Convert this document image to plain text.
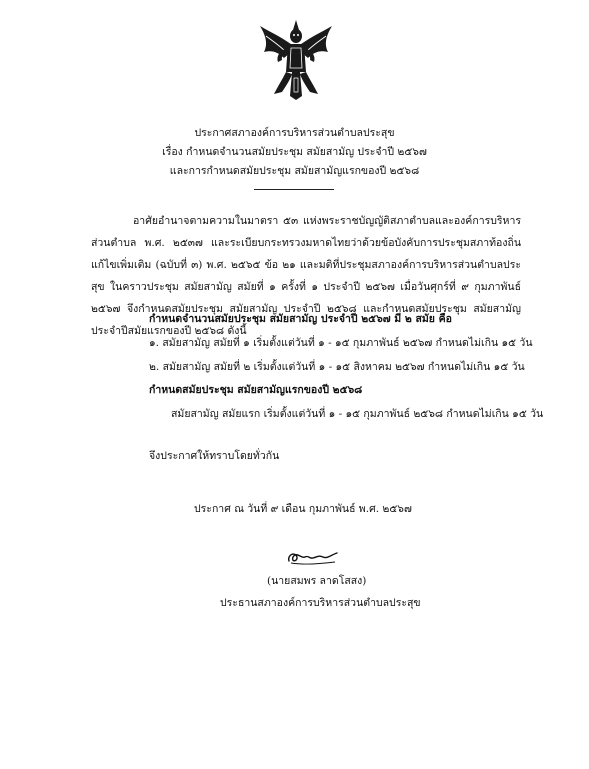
ประกาศสภาองค์การบริหารส่วนตำบลประสุข
เรื่อง กำหนดจำนวนสมัยประชุม สมัยสามัญ ประจำปี ๒๕๖๗
และการกำหนดสมัยประชุม สมัยสามัญแรกของปี ๒๕๖๘
อาศัยอำนาจตามความในมาตรา ๕๓ แห่งพระราชบัญญัติสภาตำบลและองค์การบริหารส่วนตำบล พ.ศ. ๒๕๓๗ และระเบียบกระทรวงมหาดไทยว่าด้วยข้อบังคับการประชุมสภาท้องถิ่น แก้ไขเพิ่มเติม (ฉบับที่ ๓) พ.ศ. ๒๕๖๕ ข้อ ๒๑ และมติที่ประชุมสภาองค์การบริหารส่วนตำบลประสุข ในคราวประชุม สมัยสามัญ สมัยที่ ๑ ครั้งที่ ๑ ประจำปี ๒๕๖๗ เมื่อวันศุกร์ที่ ๙ กุมภาพันธ์ ๒๕๖๗ จึงกำหนดสมัยประชุม สมัยสามัญ ประจำปี ๒๕๖๘ และกำหนดสมัยประชุม สมัยสามัญ ประจำปีสมัยแรกของปี ๒๕๖๘ ดังนี้
กำหนดจำนวนสมัยประชุม สมัยสามัญ ประจำปี ๒๕๖๗ มี ๒ สมัย คือ
๑. สมัยสามัญ สมัยที่ ๑ เริ่มตั้งแต่วันที่ ๑ - ๑๕ กุมภาพันธ์ ๒๕๖๗ กำหนดไม่เกิน ๑๕ วัน
๒. สมัยสามัญ สมัยที่ ๒ เริ่มตั้งแต่วันที่ ๑ - ๑๕ สิงหาคม ๒๕๖๗ กำหนดไม่เกิน ๑๕ วัน
กำหนดสมัยประชุม สมัยสามัญแรกของปี ๒๕๖๘
สมัยสามัญ สมัยแรก เริ่มตั้งแต่วันที่ ๑ - ๑๕ กุมภาพันธ์ ๒๕๖๘ กำหนดไม่เกิน ๑๕ วัน
จึงประกาศให้ทราบโดยทั่วกัน
ประกาศ ณ วันที่ ๙ เดือน กุมภาพันธ์ พ.ศ. ๒๕๖๗
(นายสมพร ลาดโสสง)
ประธานสภาองค์การบริหารส่วนตำบลประสุข
